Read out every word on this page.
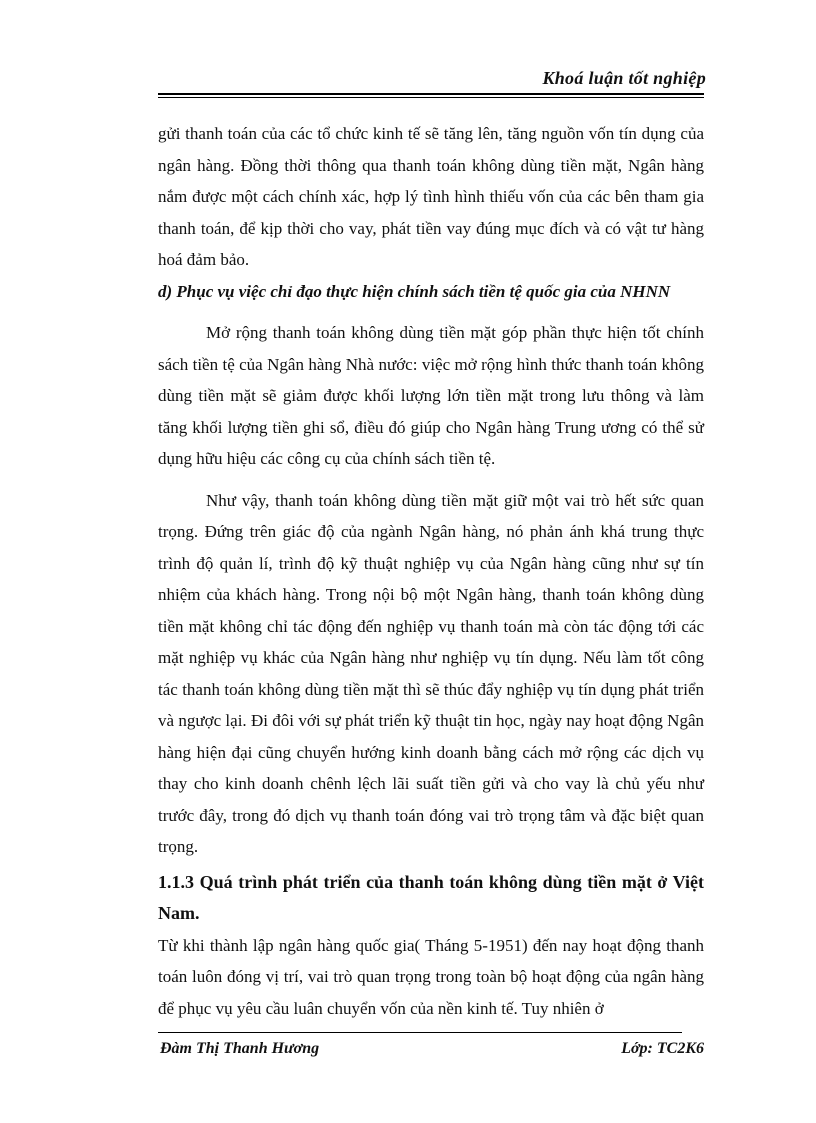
Khoá luận tốt nghiệp

gửi thanh toán của các tổ chức kinh tế sẽ tăng lên, tăng nguồn vốn tín dụng của ngân hàng. Đồng thời thông qua thanh toán không dùng tiền mặt, Ngân hàng nắm được một cách chính xác, hợp lý tình hình thiếu vốn của các bên tham gia thanh toán, để kịp thời cho vay, phát tiền vay đúng mục đích và có vật tư hàng hoá đảm bảo.

d) Phục vụ việc chỉ đạo thực hiện chính sách tiền tệ quốc gia của NHNN

Mở rộng thanh toán không dùng tiền mặt góp phần thực hiện tốt chính sách tiền tệ của Ngân hàng Nhà nước: việc mở rộng hình thức thanh toán không dùng tiền mặt sẽ giảm được khối lượng lớn tiền mặt trong lưu thông và làm tăng khối lượng tiền ghi sổ, điều đó giúp cho Ngân hàng Trung ương có thể sử dụng hữu hiệu các công cụ của chính sách tiền tệ.

Như vậy, thanh toán không dùng tiền mặt giữ một vai trò hết sức quan trọng. Đứng trên giác độ của ngành Ngân hàng, nó phản ánh khá trung thực trình độ quản lí, trình độ kỹ thuật nghiệp vụ của Ngân hàng cũng như sự tín nhiệm của khách hàng. Trong nội bộ một Ngân hàng, thanh toán không dùng tiền mặt không chỉ tác động đến nghiệp vụ thanh toán mà còn tác động tới các mặt nghiệp vụ khác của Ngân hàng như nghiệp vụ tín dụng. Nếu làm tốt công tác thanh toán không dùng tiền mặt thì sẽ thúc đẩy nghiệp vụ tín dụng phát triển và ngược lại. Đi đôi với sự phát triển kỹ thuật tin học, ngày nay hoạt động Ngân hàng hiện đại cũng chuyển hướng kinh doanh bằng cách mở rộng các dịch vụ thay cho kinh doanh chênh lệch lãi suất tiền gửi và cho vay là chủ yếu như trước đây, trong đó dịch vụ thanh toán đóng vai trò trọng tâm và đặc biệt quan trọng.

1.1.3 Quá trình phát triển của thanh toán không dùng tiền mặt ở Việt Nam.

Từ khi thành lập ngân hàng quốc gia( Tháng 5-1951) đến nay hoạt động thanh toán luôn đóng vị trí, vai trò quan trọng trong toàn bộ hoạt động của ngân hàng để phục vụ yêu cầu luân chuyển vốn của nền kinh tế. Tuy nhiên ở

Đàm Thị Thanh Hương	Lớp: TC2K6
